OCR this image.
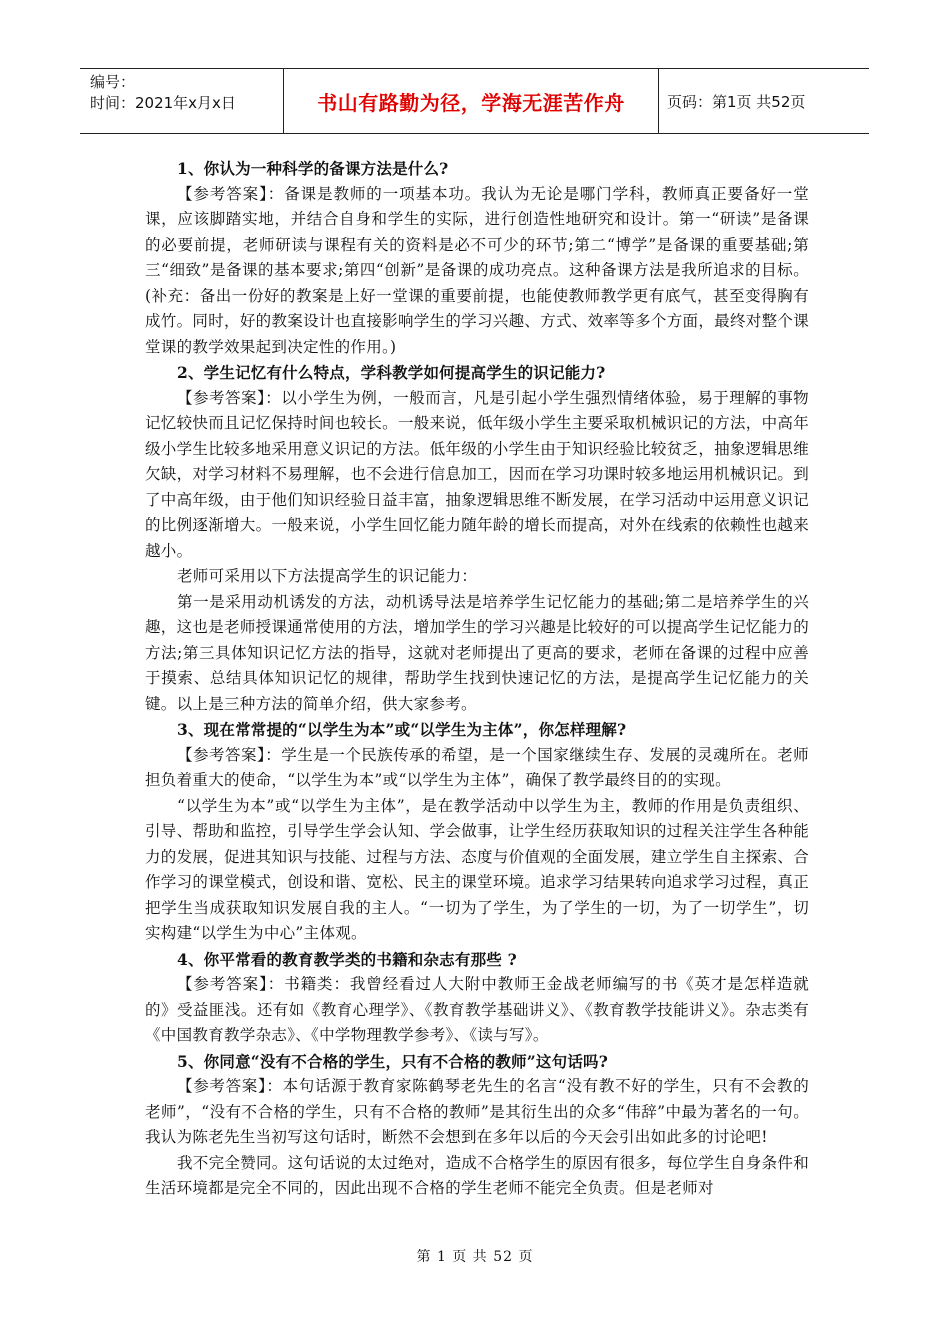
编号：
时间：2021年x月x日	书山有路勤为径，学海无涯苦作舟	页码：第1页 共52页

1、你认为一种科学的备课方法是什么?

【参考答案】：备课是教师的一项基本功。我认为无论是哪门学科，教师真正要备好一堂课，应该脚踏实地，并结合自身和学生的实际，进行创造性地研究和设计。第一“研读”是备课的必要前提，老师研读与课程有关的资料是必不可少的环节;第二“博学”是备课的重要基础;第三“细致”是备课的基本要求;第四“创新”是备课的成功亮点。这种备课方法是我所追求的目标。(补充：备出一份好的教案是上好一堂课的重要前提，也能使教师教学更有底气，甚至变得胸有成竹。同时，好的教案设计也直接影响学生的学习兴趣、方式、效率等多个方面，最终对整个课堂课的教学效果起到决定性的作用。)

2、学生记忆有什么特点，学科教学如何提高学生的识记能力?

【参考答案】：以小学生为例，一般而言，凡是引起小学生强烈情绪体验，易于理解的事物记忆较快而且记忆保持时间也较长。一般来说，低年级小学生主要采取机械识记的方法，中高年级小学生比较多地采用意义识记的方法。低年级的小学生由于知识经验比较贫乏，抽象逻辑思维欠缺，对学习材料不易理解，也不会进行信息加工，因而在学习功课时较多地运用机械识记。到了中高年级，由于他们知识经验日益丰富，抽象逻辑思维不断发展，在学习活动中运用意义识记的比例逐渐增大。一般来说，小学生回忆能力随年龄的增长而提高，对外在线索的依赖性也越来越小。

老师可采用以下方法提高学生的识记能力：

第一是采用动机诱发的方法，动机诱导法是培养学生记忆能力的基础;第二是培养学生的兴趣，这也是老师授课通常使用的方法，增加学生的学习兴趣是比较好的可以提高学生记忆能力的方法;第三具体知识记忆方法的指导，这就对老师提出了更高的要求，老师在备课的过程中应善于摸索、总结具体知识记忆的规律，帮助学生找到快速记忆的方法，是提高学生记忆能力的关键。以上是三种方法的简单介绍，供大家参考。

3、现在常常提的“以学生为本”或“以学生为主体”，你怎样理解?

【参考答案】：学生是一个民族传承的希望，是一个国家继续生存、发展的灵魂所在。老师担负着重大的使命，“以学生为本”或“以学生为主体”，确保了教学最终目的的实现。

“以学生为本”或“以学生为主体”，是在教学活动中以学生为主，教师的作用是负责组织、引导、帮助和监控，引导学生学会认知、学会做事，让学生经历获取知识的过程关注学生各种能力的发展，促进其知识与技能、过程与方法、态度与价值观的全面发展，建立学生自主探索、合作学习的课堂模式，创设和谐、宽松、民主的课堂环境。追求学习结果转向追求学习过程，真正把学生当成获取知识发展自我的主人。“一切为了学生，为了学生的一切，为了一切学生”，切实构建“以学生为中心”主体观。

4、你平常看的教育教学类的书籍和杂志有那些 ?

【参考答案】：书籍类：我曾经看过人大附中教师王金战老师编写的书《英才是怎样造就的》受益匪浅。还有如《教育心理学》、《教育教学基础讲义》、《教育教学技能讲义》。杂志类有《中国教育教学杂志》、《中学物理教学参考》、《读与写》。

5、你同意“没有不合格的学生，只有不合格的教师”这句话吗?

【参考答案】：本句话源于教育家陈鹤琴老先生的名言“没有教不好的学生，只有不会教的老师”，“没有不合格的学生，只有不合格的教师”是其衍生出的众多“伟辞”中最为著名的一句。我认为陈老先生当初写这句话时，断然不会想到在多年以后的今天会引出如此多的讨论吧!

我不完全赞同。这句话说的太过绝对，造成不合格学生的原因有很多，每位学生自身条件和生活环境都是完全不同的，因此出现不合格的学生老师不能完全负责。但是老师对

第 1 页 共 52 页
